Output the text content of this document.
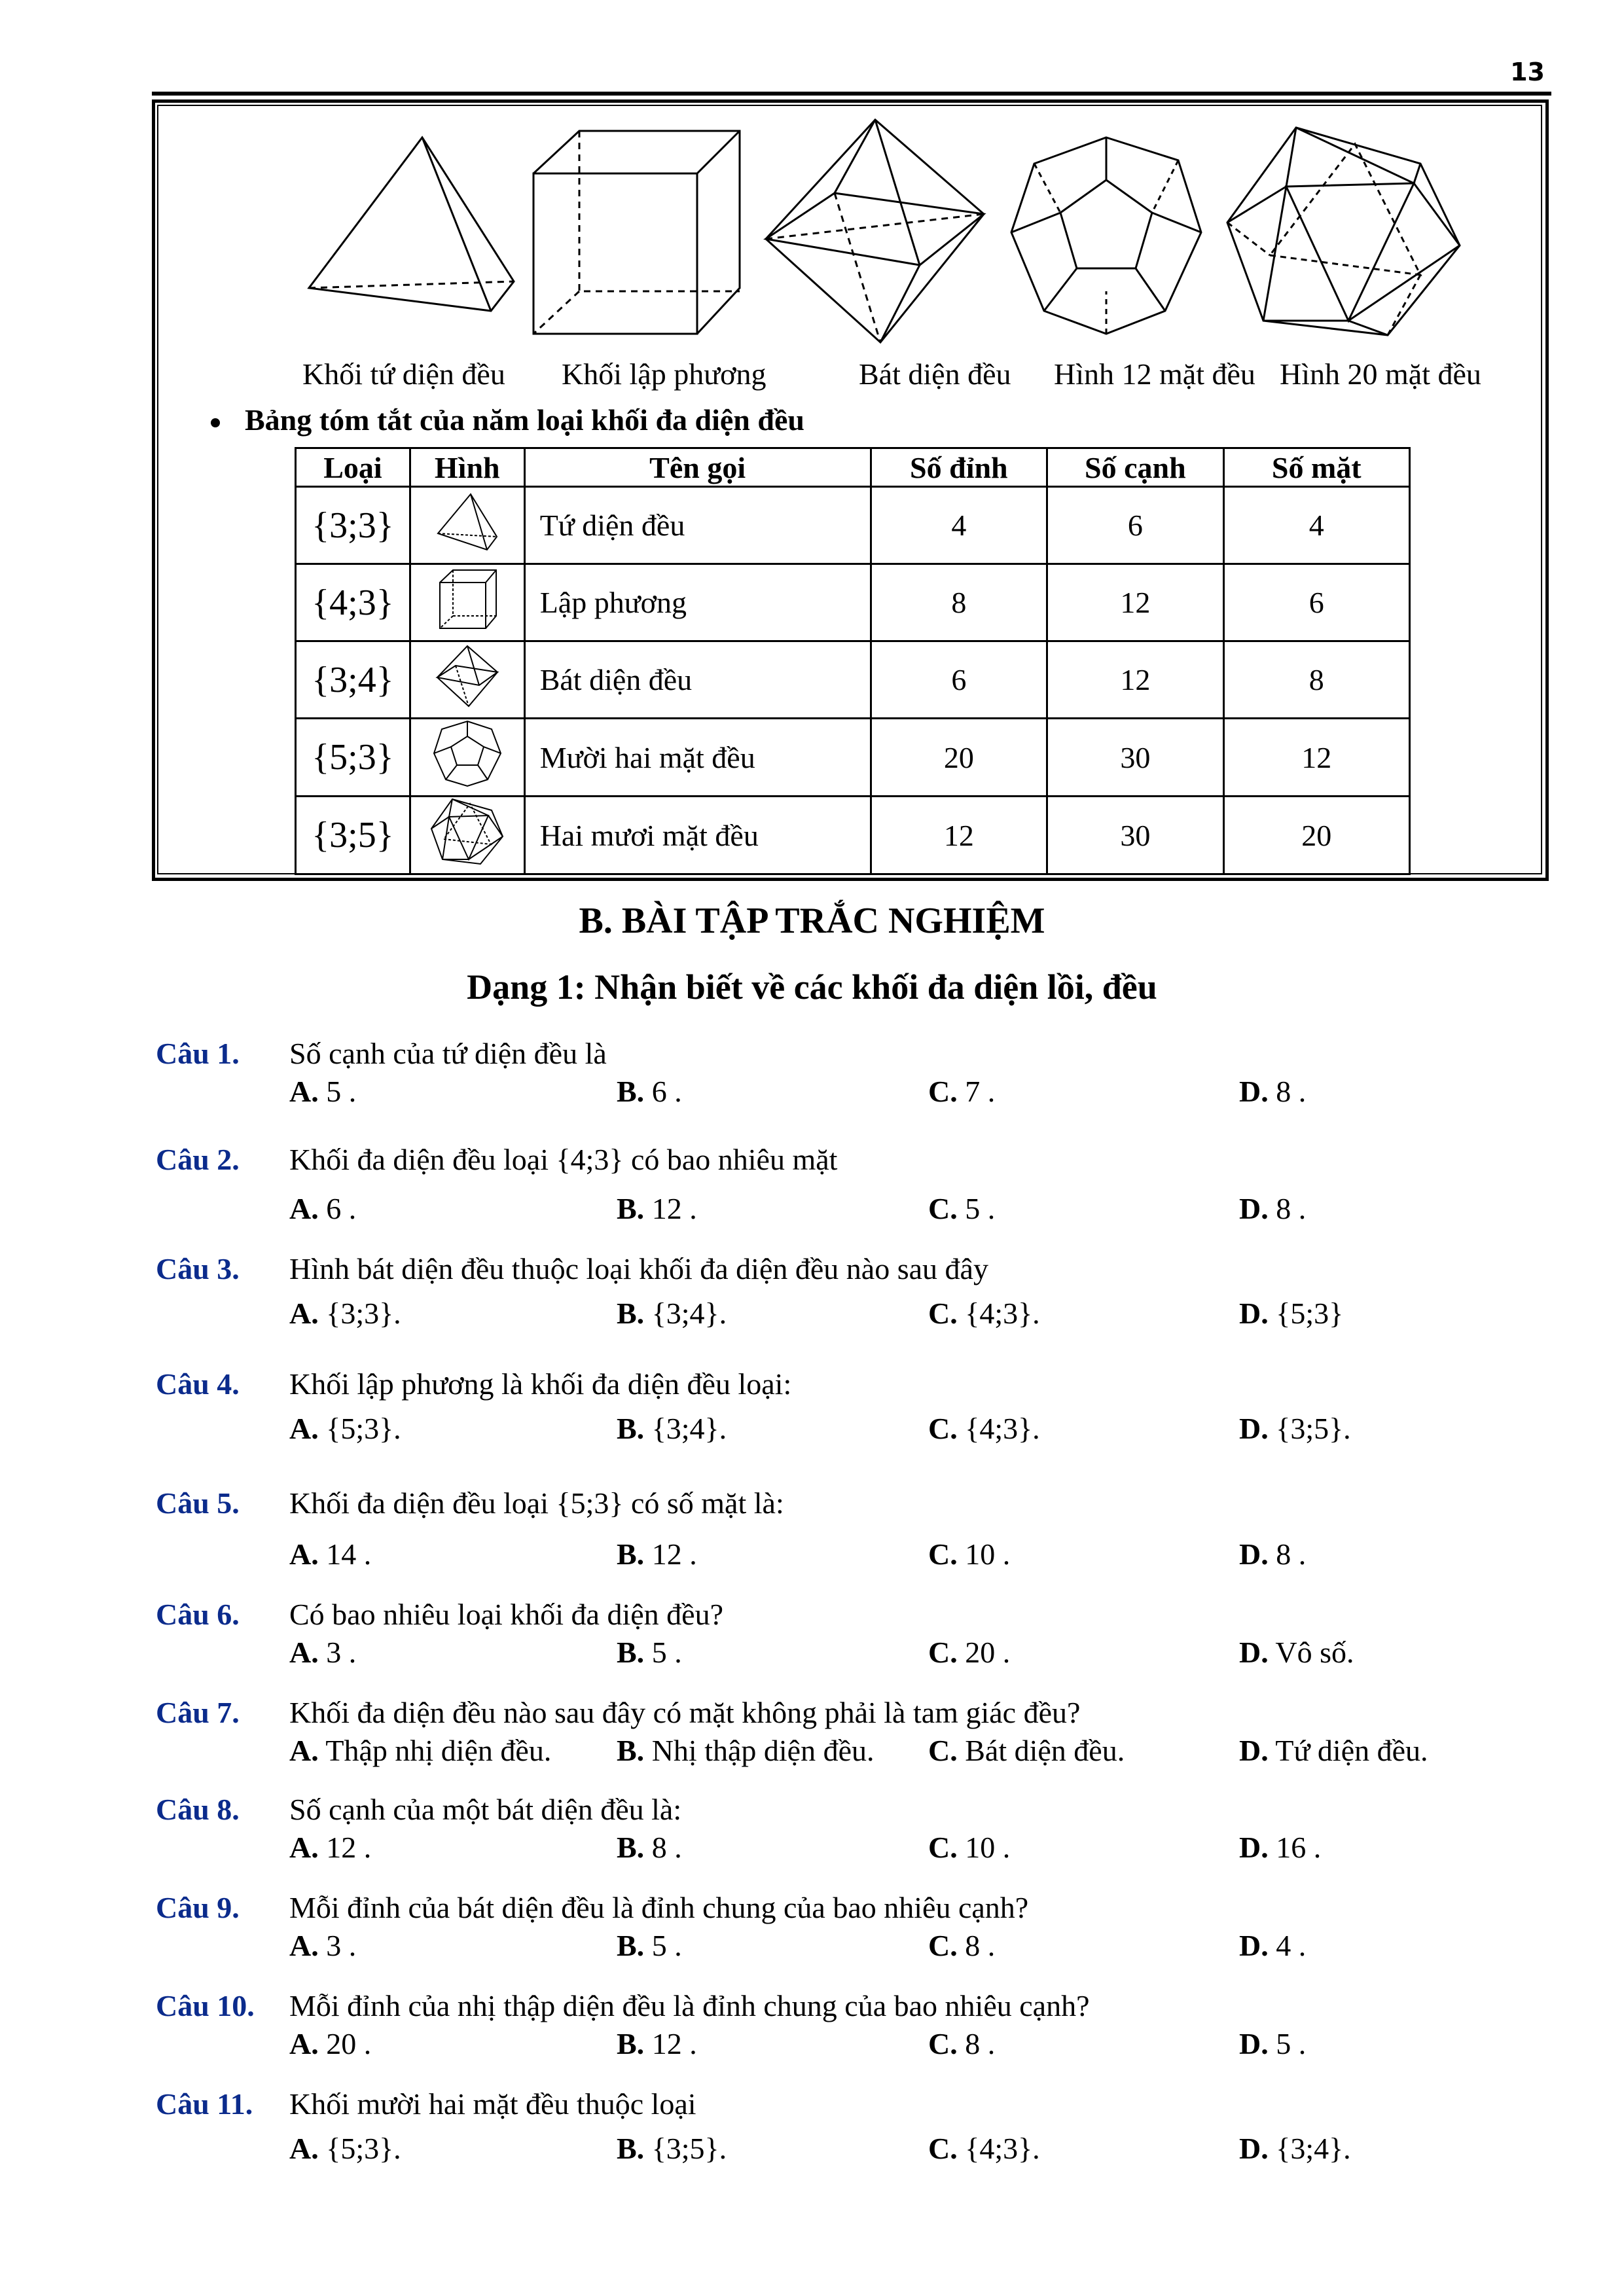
13
Khối tứ diện đều Khối lập phương	Bát diện đều Hình 12 mặt đều Hình 20 mặt đều
Bảng tóm tắt của năm loại khối đa diện đều
Loại	Hình	Tên gọi	Số đỉnh	Số cạnh	Số mặt
{3;3}		Tứ diện đều	4	6	4
{4;3}		Lập phương	8	12	6
{3;4}		Bát diện đều	6	12	8
{5;3}		Mười hai mặt đều	20	30	12
{3;5}		Hai mươi mặt đều	12	30	20
B. BÀI TẬP TRẮC NGHIỆM
Dạng 1: Nhận biết về các khối đa diện lồi, đều
Câu 1. Số cạnh của tứ diện đều là
A. 5 .	B. 6 .	C. 7 .	D. 8 .
Câu 2. Khối đa diện đều loại {4;3} có bao nhiêu mặt
A. 6 .	B. 12 .	C. 5 .	D. 8 .
Câu 3. Hình bát diện đều thuộc loại khối đa diện đều nào sau đây
A. {3;3}.	B. {3;4}.	C. {4;3}.	D. {5;3}
Câu 4. Khối lập phương là khối đa diện đều loại:
A. {5;3}.	B. {3;4}.	C. {4;3}.	D. {3;5}.
Câu 5. Khối đa diện đều loại {5;3} có số mặt là:
A. 14 .	B. 12 .	C. 10 .	D. 8 .
Câu 6. Có bao nhiêu loại khối đa diện đều?
A. 3 .	B. 5 .	C. 20 .	D. Vô số.
Câu 7. Khối đa diện đều nào sau đây có mặt không phải là tam giác đều?
A. Thập nhị diện đều. B. Nhị thập diện đều. C. Bát diện đều.	D. Tứ diện đều.
Câu 8. Số cạnh của một bát diện đều là:
A. 12 .	B. 8 .	C. 10 .	D. 16 .
Câu 9. Mỗi đỉnh của bát diện đều là đỉnh chung của bao nhiêu cạnh?
A. 3 .	B. 5 .	C. 8 .	D. 4 .
Câu 10. Mỗi đỉnh của nhị thập diện đều là đỉnh chung của bao nhiêu cạnh?
A. 20 .	B. 12 .	C. 8 .	D. 5 .
Câu 11. Khối mười hai mặt đều thuộc loại
A. {5;3}.	B. {3;5}.	C. {4;3}.	D. {3;4}.
